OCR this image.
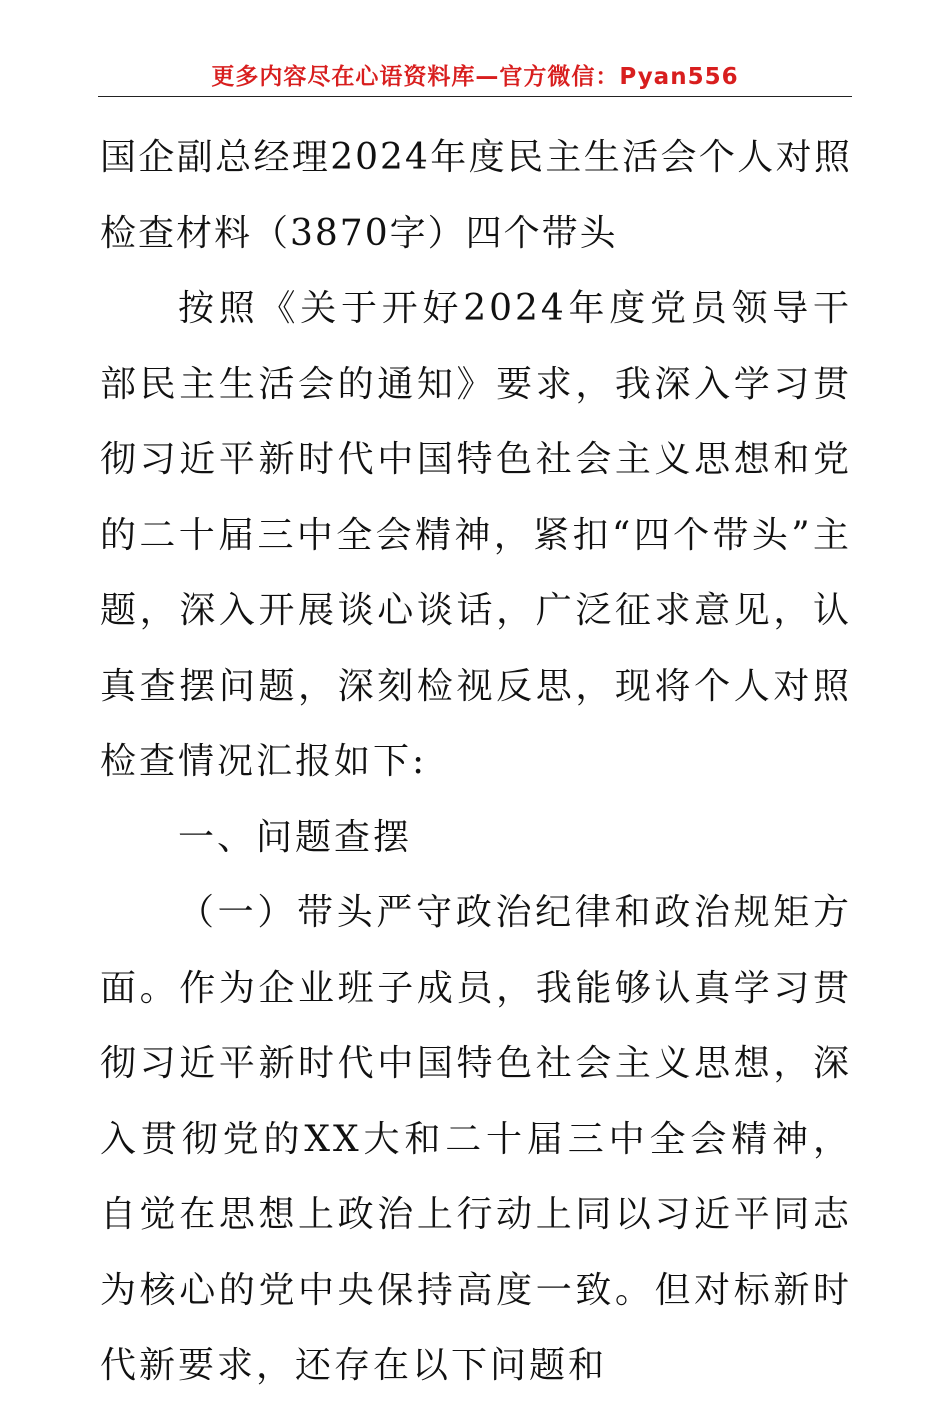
更多内容尽在心语资料库—官方微信：Pyan556

国企副总经理2024年度民主生活会个人对照检查材料（3870字）四个带头

按照《关于开好2024年度党员领导干部民主生活会的通知》要求，我深入学习贯彻习近平新时代中国特色社会主义思想和党的二十届三中全会精神，紧扣“四个带头”主题，深入开展谈心谈话，广泛征求意见，认真查摆问题，深刻检视反思，现将个人对照检查情况汇报如下:

一、问题查摆

（一）带头严守政治纪律和政治规矩方面。作为企业班子成员，我能够认真学习贯彻习近平新时代中国特色社会主义思想，深入贯彻党的XX大和二十届三中全会精神，自觉在思想上政治上行动上同以习近平同志为核心的党中央保持高度一致。但对标新时代新要求，还存在以下问题和
